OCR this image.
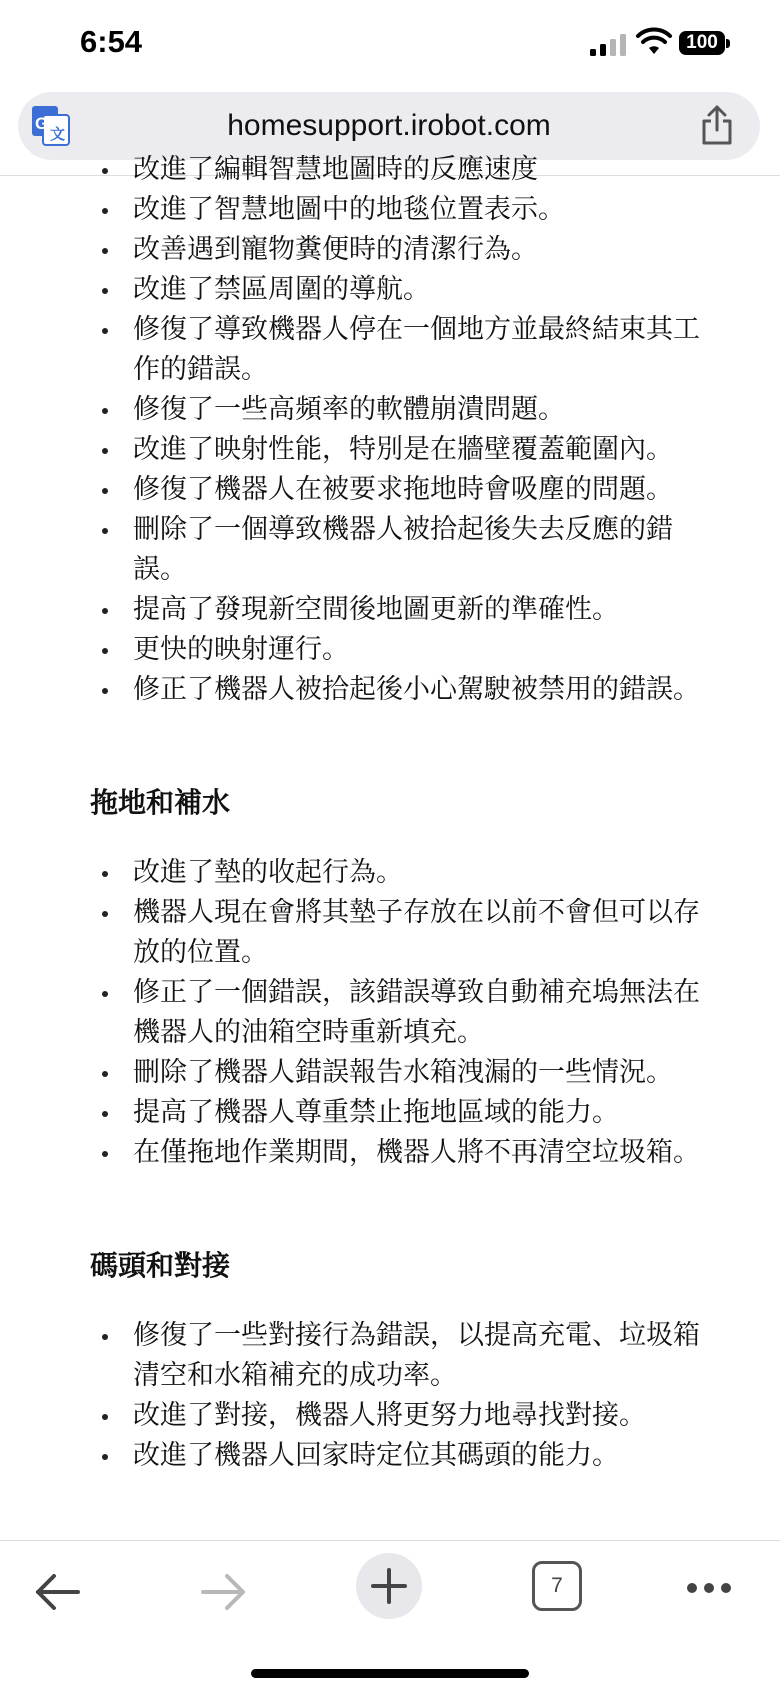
6:54	100
G
文	homesupport.irobot.com
改進了編輯智慧地圖時的反應速度
改進了智慧地圖中的地毯位置表示。
改善遇到寵物糞便時的清潔行為。
改進了禁區周圍的導航。
修復了導致機器人停在一個地方並最終結束其工作的錯誤。
修復了一些高頻率的軟體崩潰問題。
改進了映射性能，特別是在牆壁覆蓋範圍內。
修復了機器人在被要求拖地時會吸塵的問題。
刪除了一個導致機器人被拾起後失去反應的錯誤。
提高了發現新空間後地圖更新的準確性。
更快的映射運行。
修正了機器人被拾起後小心駕駛被禁用的錯誤。
拖地和補水
改進了墊的收起行為。
機器人現在會將其墊子存放在以前不會但可以存放的位置。
修正了一個錯誤，該錯誤導致自動補充塢無法在機器人的油箱空時重新填充。
刪除了機器人錯誤報告水箱洩漏的一些情況。
提高了機器人尊重禁止拖地區域的能力。
在僅拖地作業期間，機器人將不再清空垃圾箱。
碼頭和對接
修復了一些對接行為錯誤，以提高充電、垃圾箱清空和水箱補充的成功率。
改進了對接，機器人將更努力地尋找對接。
改進了機器人回家時定位其碼頭的能力。
7
